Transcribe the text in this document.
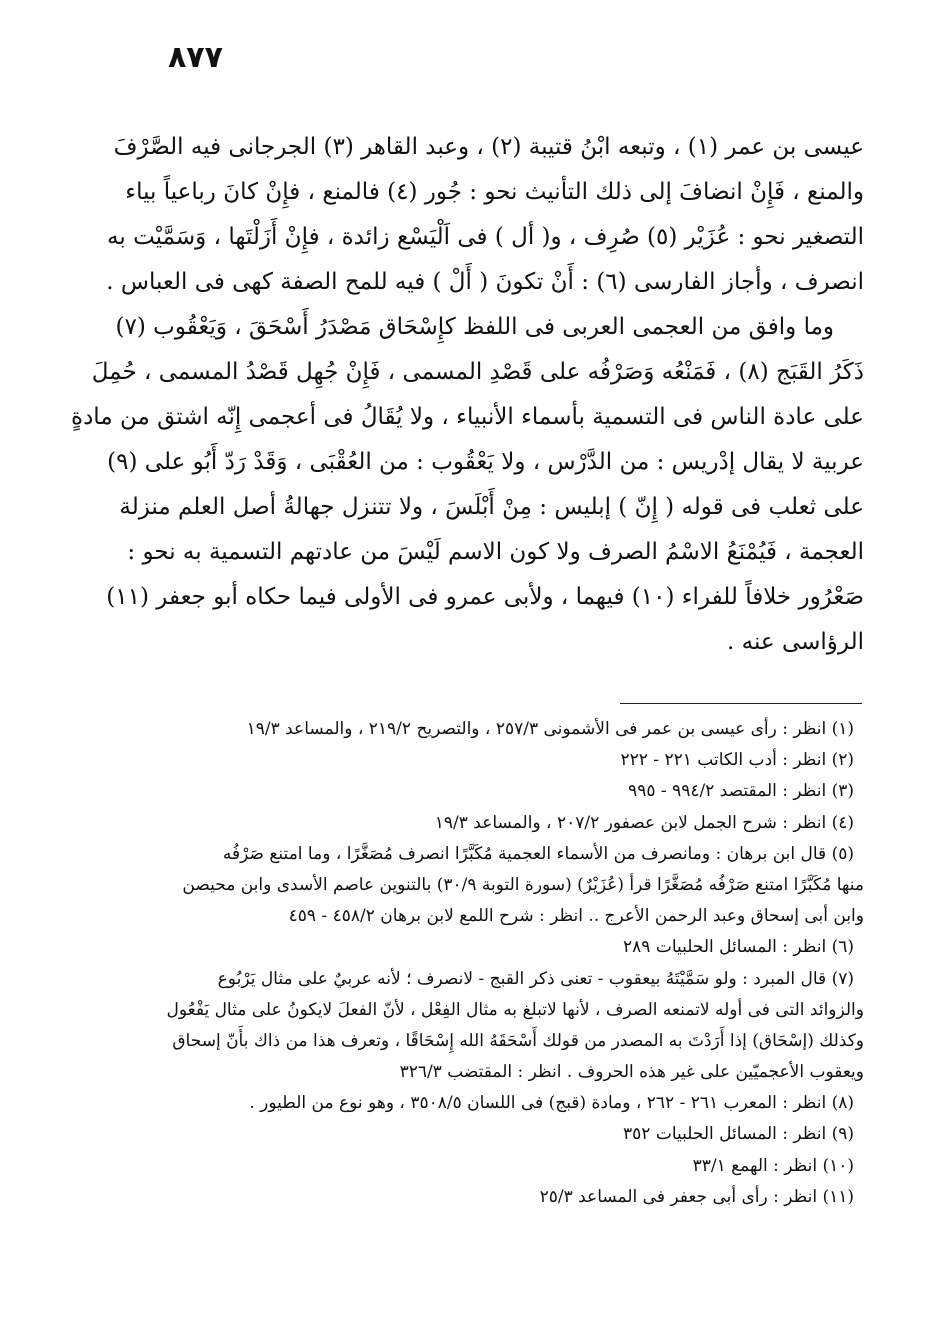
٨٧٧
عيسى بن عمر (١) ، وتبعه ابْنُ قتيبة (٢) ، وعبد القاهر (٣) الجرجانى فيه الصَّرْفَ
والمنع ، فَإِنْ انضافَ إلى ذلك التأنيث نحو : جُور (٤) فالمنع ، فإِنْ كانَ رباعياً بياء
التصغير نحو : عُزَيْر (٥) صُرِف ، و( أل ) فى اَلْيَسْع زائدة ، فإِنْ أَزَلْتَها ، وَسَمَّيْت به
انصرف ، وأجاز الفارسى (٦) : أَنْ تكونَ ( أَلْ ) فيه للمح الصفة كهى فى العباس .
وما وافق من العجمى العربى فى اللفظ كإِسْحَاق مَصْدَرُ أَسْحَقَ ، وَيَعْقُوب (٧)
ذَكَرُ القَبَج (٨) ، فَمَنْعُه وَصَرْفُه على قَصْدِ المسمى ، فَإِنْ جُهِل قَصْدُ المسمى ، حُمِلَ
على عادة الناس فى التسمية بأسماء الأنبياء ، ولا يُقَالُ فى أعجمى إِنّه اشتق من مادةٍ
عربية لا يقال إدْريس : من الدَّرْس ، ولا يَعْقُوب : من العُقْبَى ، وَقَدْ رَدّ أَبُو على (٩)
على ثعلب فى قوله ( إِنّ ) إبليس : مِنْ أَبْلَسَ ، ولا تتنزل جهالةُ أصل العلم منزلة
العجمة ، فَيُمْنَعُ الاسْمُ الصرف ولا كون الاسم لَيْسَ من عادتهم التسمية به نحو :
صَعْرُور خلافاً للفراء (١٠) فيهما ، ولأبى عمرو فى الأولى فيما حكاه أبو جعفر (١١)
الرؤاسى عنه .
(١) انظر : رأى عيسى بن عمر فى الأشمونى ٢٥٧/٣ ، والتصريح ٢١٩/٢ ، والمساعد ١٩/٣
(٢) انظر : أدب الكاتب ٢٢١ - ٢٢٢
(٣) انظر : المقتصد ٩٩٤/٢ - ٩٩٥
(٤) انظر : شرح الجمل لابن عصفور ٢٠٧/٢ ، والمساعد ١٩/٣
(٥) قال ابن برهان : ومانصرف من الأسماء العجمية مُكَبَّرًا انصرف مُصَغَّرًا ، وما امتنع صَرْفُه
منها مُكَبَّرًا امتنع صَرْفُه مُصَغَّرًا قرأ (عُزَيْرٌ) (سورة التوبة ٣٠/٩) بالتنوين عاصم الأسدى وابن محيصن
وابن أبى إسحاق وعبد الرحمن الأعرج .. انظر : شرح اللمع لابن برهان ٤٥٨/٢ - ٤٥٩
(٦) انظر : المسائل الحلبيات ٢٨٩
(٧) قال المبرد : ولو سَمَّيْتَهُ بيعقوب - تعنى ذكر القبج - لانصرف ؛ لأنه عربيٌ على مثال يَرْبُوع
والزوائد التى فى أوله لاتمنعه الصرف ، لأنها لاتبلغ به مثال الفِعْل ، لأنّ الفعلَ لايكونُ على مثال يَفْعُول
وكذلك (إسْحَاق) إذا أَرَدْتَ به المصدر من قولك أَسْحَقَهُ الله إِسْحَاقًا ، وتعرف هذا من ذاك بأَنّ إسحاق
ويعقوب الأعجميّين على غير هذه الحروف . انظر : المقتضب ٣٢٦/٣
(٨) انظر : المعرب ٢٦١ - ٢٦٢ ، ومادة (قبج) فى اللسان ٣٥٠٨/٥ ، وهو نوع من الطيور .
(٩) انظر : المسائل الحلبيات ٣٥٢
(١٠) انظر : الهمع ٣٣/١
(١١) انظر : رأى أبى جعفر فى المساعد ٢٥/٣
